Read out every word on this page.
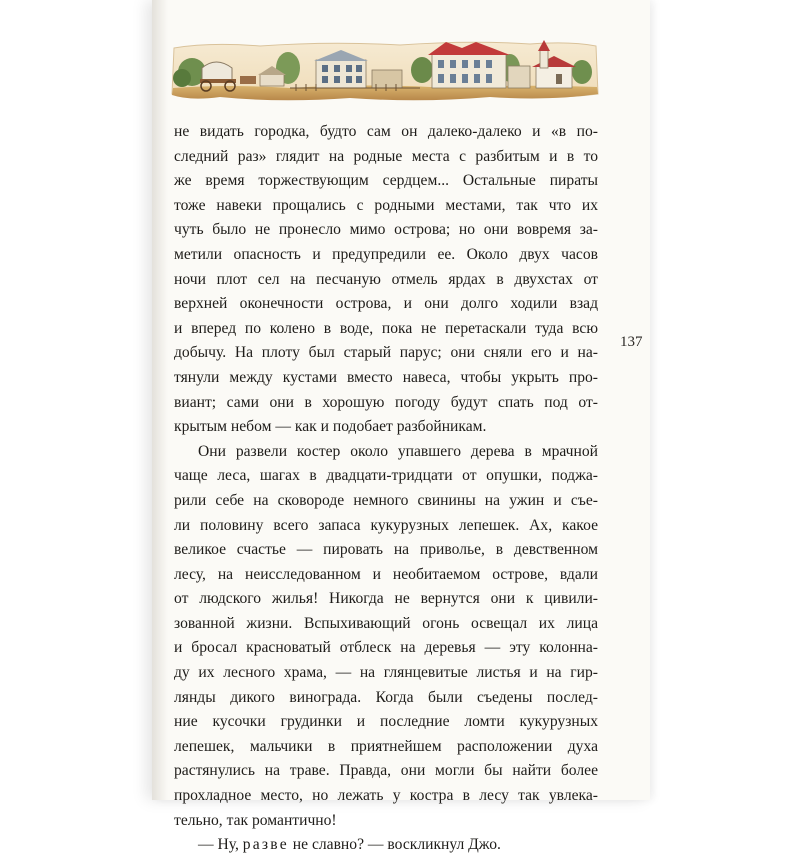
не видать городка, будто сам он далеко-далеко и «в по-
следний раз» глядит на родные места с разбитым и в то
же время торжествующим сердцем... Остальные пираты
тоже навеки прощались с родными местами, так что их
чуть было не пронесло мимо острова; но они вовремя за-
метили опасность и предупредили ее. Около двух часов
ночи плот сел на песчаную отмель ярдах в двухстах от
верхней оконечности острова, и они долго ходили взад
и вперед по колено в воде, пока не перетаскали туда всю
добычу. На плоту был старый парус; они сняли его и на-
тянули между кустами вместо навеса, чтобы укрыть про-
виант; сами они в хорошую погоду будут спать под от-
крытым небом — как и подобает разбойникам.
Они развели костер около упавшего дерева в мрачной
чаще леса, шагах в двадцати-тридцати от опушки, поджа-
рили себе на сковороде немного свинины на ужин и съе-
ли половину всего запаса кукурузных лепешек. Ах, какое
великое счастье — пировать на приволье, в девственном
лесу, на неисследованном и необитаемом острове, вдали
от людского жилья! Никогда не вернутся они к цивили-
зованной жизни. Вспыхивающий огонь освещал их лица
и бросал красноватый отблеск на деревья — эту колонна-
ду их лесного храма, — на глянцевитые листья и на гир-
лянды дикого винограда. Когда были съедены послед-
ние кусочки грудинки и последние ломти кукурузных
лепешек, мальчики в приятнейшем расположении духа
растянулись на траве. Правда, они могли бы найти более
прохладное место, но лежать у костра в лесу так увлека-
тельно, так романтично!
— Ну, разве не славно? — воскликнул Джо.
137
